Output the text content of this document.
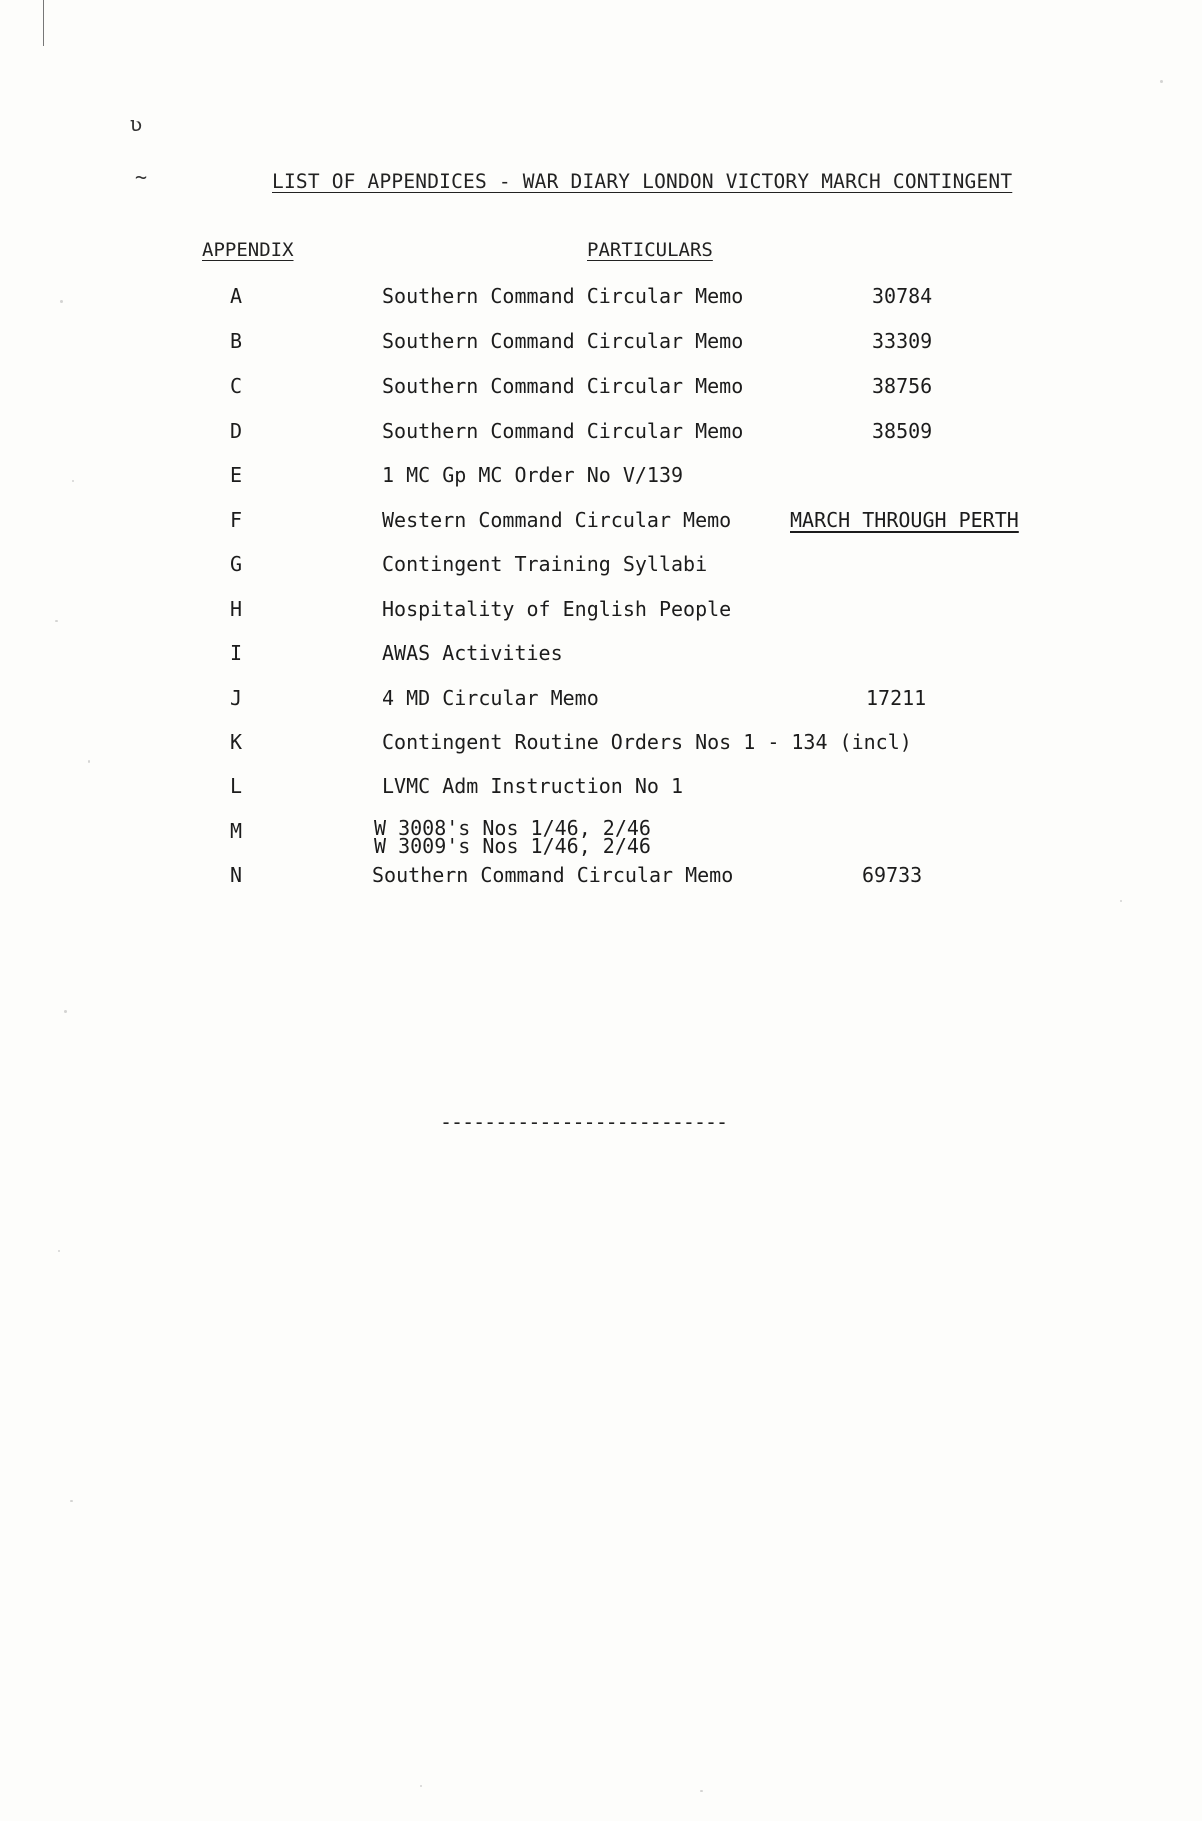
ʋ
~	LIST OF APPENDICES - WAR DIARY LONDON VICTORY MARCH CONTINGENT
APPENDIX	PARTICULARS
A	Southern Command Circular Memo	30784
B	Southern Command Circular Memo	33309
C	Southern Command Circular Memo	38756
D	Southern Command Circular Memo	38509
E	1 MC Gp MC Order No V/139
F	Western Command Circular Memo	MARCH THROUGH PERTH
G	Contingent Training Syllabi
H	Hospitality of English People
I	AWAS Activities
J	4 MD Circular Memo	17211
K	Contingent Routine Orders Nos 1 - 134 (incl)
L	LVMC Adm Instruction No 1
M	W 3008's Nos 1/46, 2/46
W 3009's Nos 1/46, 2/46
N	Southern Command Circular Memo	69733
--------------------------
